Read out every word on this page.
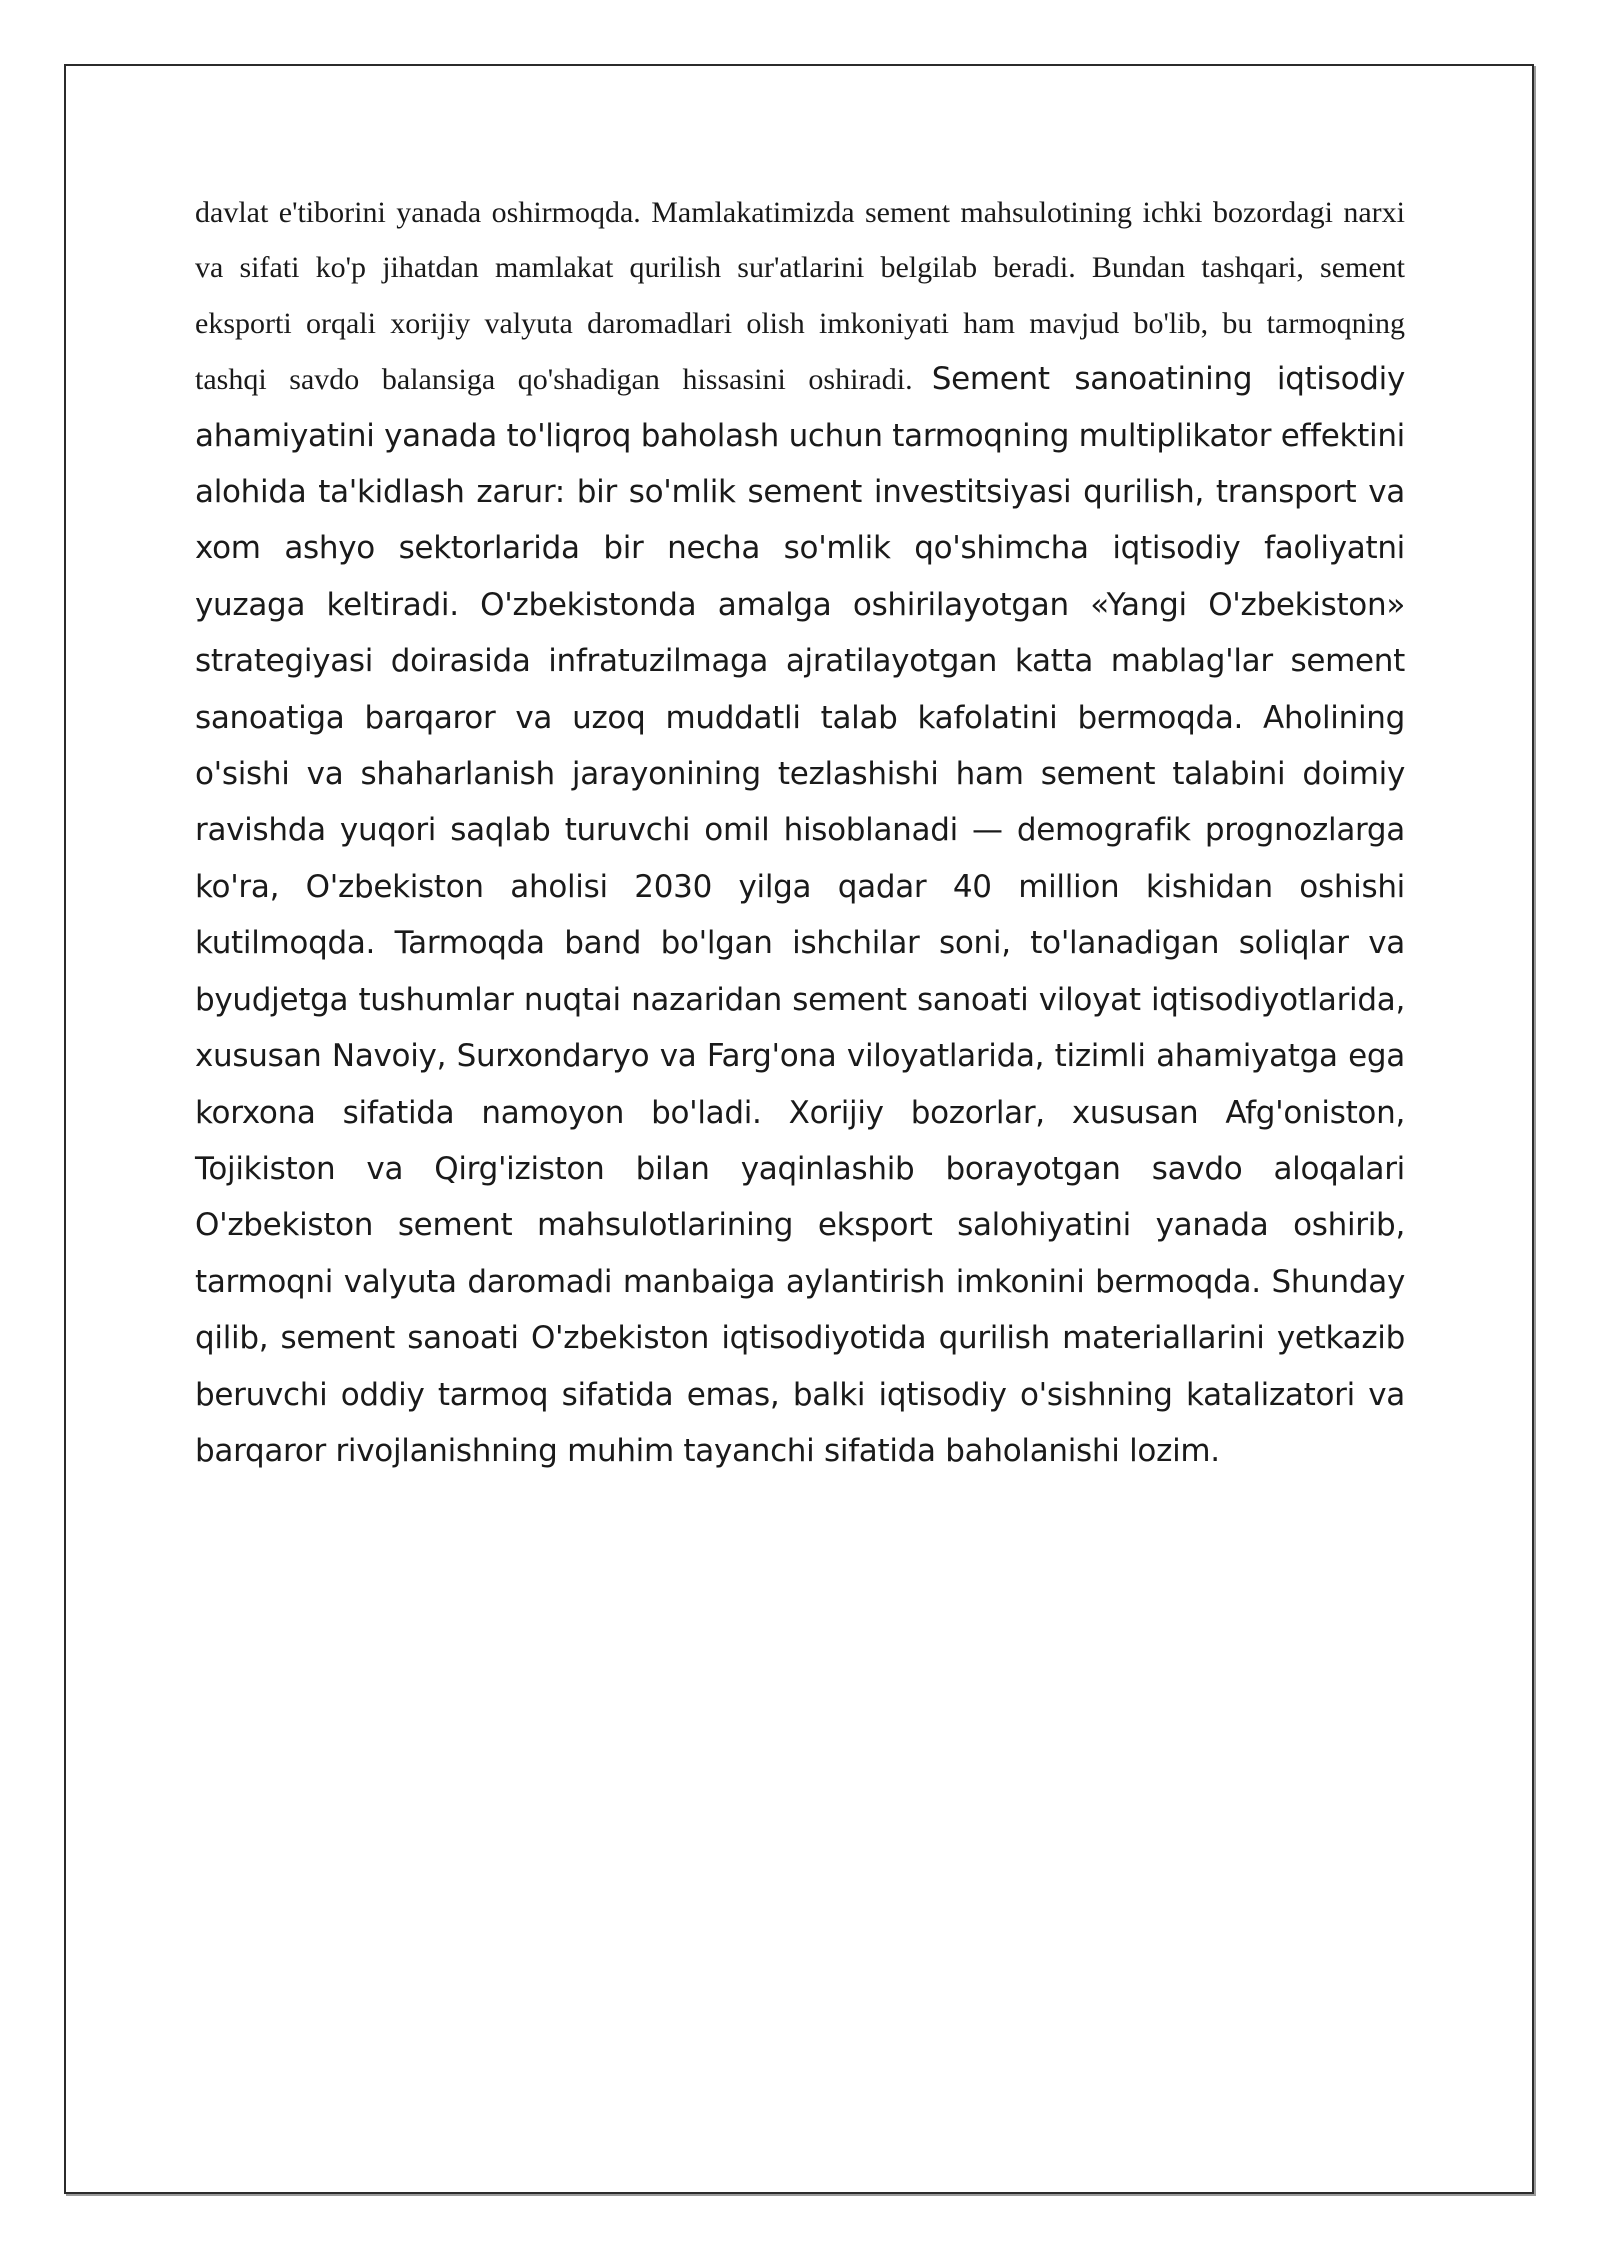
davlat e'tiborini yanada oshirmoqda. Mamlakatimizda sement mahsulotining ichki bozordagi narxi va sifati ko'p jihatdan mamlakat qurilish sur'atlarini belgilab beradi. Bundan tashqari, sement eksporti orqali xorijiy valyuta daromadlari olish imkoniyati ham mavjud bo'lib, bu tarmoqning tashqi savdo balansiga qo'shadigan hissasini oshiradi. Sement sanoatining iqtisodiy ahamiyatini yanada to'liqroq baholash uchun tarmoqning multiplikator effektini alohida ta'kidlash zarur: bir so'mlik sement investitsiyasi qurilish, transport va xom ashyo sektorlarida bir necha so'mlik qo'shimcha iqtisodiy faoliyatni yuzaga keltiradi. O'zbekistonda amalga oshirilayotgan «Yangi O'zbekiston» strategiyasi doirasida infratuzilmaga ajratilayotgan katta mablag'lar sement sanoatiga barqaror va uzoq muddatli talab kafolatini bermoqda. Aholining o'sishi va shaharlanish jarayonining tezlashishi ham sement talabini doimiy ravishda yuqori saqlab turuvchi omil hisoblanadi — demografik prognozlarga ko'ra, O'zbekiston aholisi 2030 yilga qadar 40 million kishidan oshishi kutilmoqda. Tarmoqda band bo'lgan ishchilar soni, to'lanadigan soliqlar va byudjetga tushumlar nuqtai nazaridan sement sanoati viloyat iqtisodiyotlarida, xususan Navoiy, Surxondaryo va Farg'ona viloyatlarida, tizimli ahamiyatga ega korxona sifatida namoyon bo'ladi. Xorijiy bozorlar, xususan Afg'oniston, Tojikiston va Qirg'iziston bilan yaqinlashib borayotgan savdo aloqalari O'zbekiston sement mahsulotlarining eksport salohiyatini yanada oshirib, tarmoqni valyuta daromadi manbaiga aylantirish imkonini bermoqda. Shunday qilib, sement sanoati O'zbekiston iqtisodiyotida qurilish materiallarini yetkazib beruvchi oddiy tarmoq sifatida emas, balki iqtisodiy o'sishning katalizatori va barqaror rivojlanishning muhim tayanchi sifatida baholanishi lozim.
